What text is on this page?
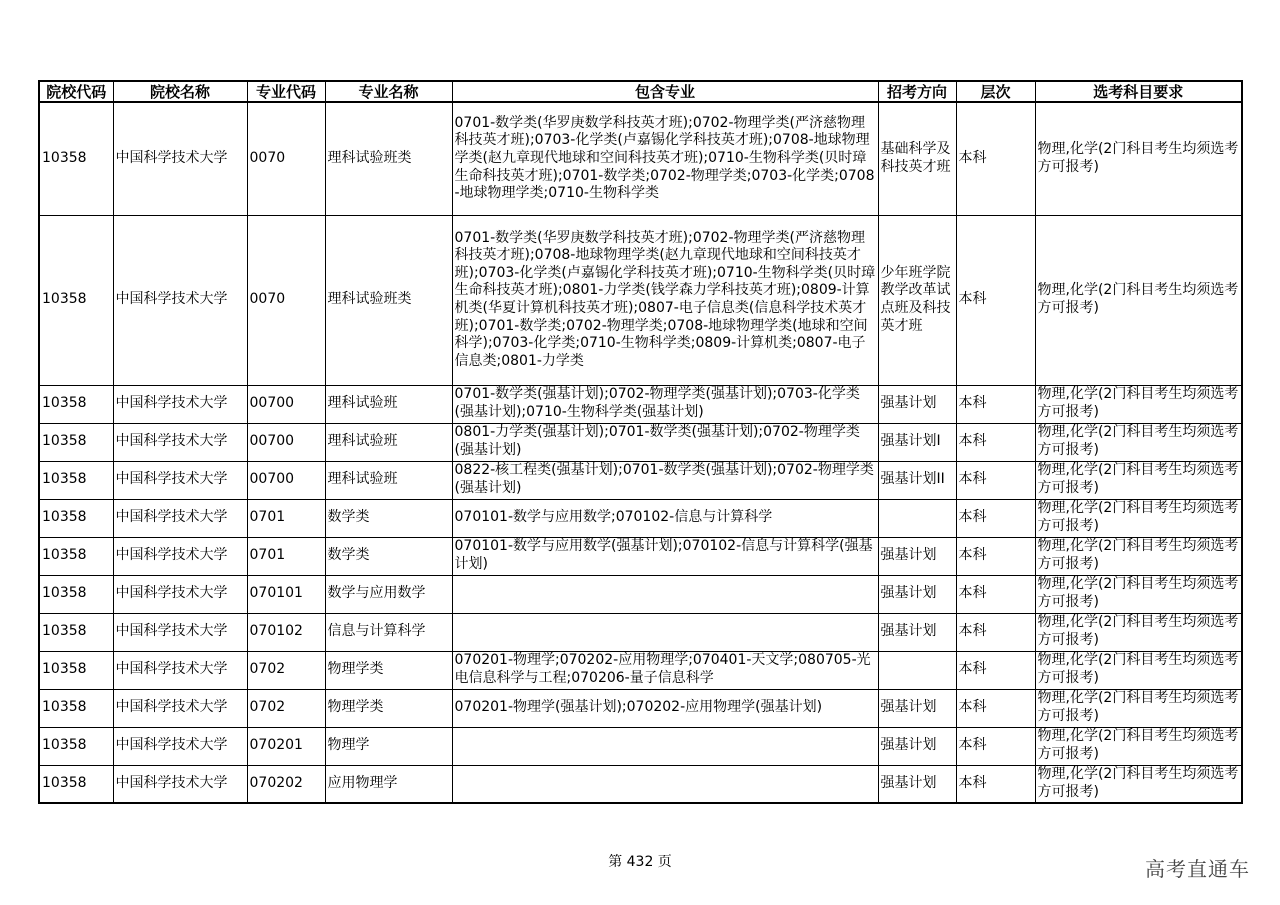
院校代码	院校名称	专业代码	专业名称	包含专业	招考方向	层次	选考科目要求
10358	中国科学技术大学	0070	理科试验班类	0701-数学类(华罗庚数学科技英才班);0702-物理学类(严济慈物理科技英才班);0703-化学类(卢嘉锡化学科技英才班);0708-地球物理学类(赵九章现代地球和空间科技英才班);0710-生物科学类(贝时璋生命科技英才班);0701-数学类;0702-物理学类;0703-化学类;0708-地球物理学类;0710-生物科学类	基础科学及科技英才班	本科	物理,化学(2门科目考生均须选考方可报考)
10358	中国科学技术大学	0070	理科试验班类	0701-数学类(华罗庚数学科技英才班);0702-物理学类(严济慈物理科技英才班);0708-地球物理学类(赵九章现代地球和空间科技英才班);0703-化学类(卢嘉锡化学科技英才班);0710-生物科学类(贝时璋生命科技英才班);0801-力学类(钱学森力学科技英才班);0809-计算机类(华夏计算机科技英才班);0807-电子信息类(信息科学技术英才班);0701-数学类;0702-物理学类;0708-地球物理学类(地球和空间科学);0703-化学类;0710-生物科学类;0809-计算机类;0807-电子信息类;0801-力学类	少年班学院教学改革试点班及科技英才班	本科	物理,化学(2门科目考生均须选考方可报考)
10358	中国科学技术大学	00700	理科试验班	0701-数学类(强基计划);0702-物理学类(强基计划);0703-化学类(强基计划);0710-生物科学类(强基计划)	强基计划	本科	物理,化学(2门科目考生均须选考方可报考)
10358	中国科学技术大学	00700	理科试验班	0801-力学类(强基计划);0701-数学类(强基计划);0702-物理学类(强基计划)	强基计划I	本科	物理,化学(2门科目考生均须选考方可报考)
10358	中国科学技术大学	00700	理科试验班	0822-核工程类(强基计划);0701-数学类(强基计划);0702-物理学类(强基计划)	强基计划II	本科	物理,化学(2门科目考生均须选考方可报考)
10358	中国科学技术大学	0701	数学类	070101-数学与应用数学;070102-信息与计算科学		本科	物理,化学(2门科目考生均须选考方可报考)
10358	中国科学技术大学	0701	数学类	070101-数学与应用数学(强基计划);070102-信息与计算科学(强基计划)	强基计划	本科	物理,化学(2门科目考生均须选考方可报考)
10358	中国科学技术大学	070101	数学与应用数学		强基计划	本科	物理,化学(2门科目考生均须选考方可报考)
10358	中国科学技术大学	070102	信息与计算科学		强基计划	本科	物理,化学(2门科目考生均须选考方可报考)
10358	中国科学技术大学	0702	物理学类	070201-物理学;070202-应用物理学;070401-天文学;080705-光电信息科学与工程;070206-量子信息科学		本科	物理,化学(2门科目考生均须选考方可报考)
10358	中国科学技术大学	0702	物理学类	070201-物理学(强基计划);070202-应用物理学(强基计划)	强基计划	本科	物理,化学(2门科目考生均须选考方可报考)
10358	中国科学技术大学	070201	物理学		强基计划	本科	物理,化学(2门科目考生均须选考方可报考)
10358	中国科学技术大学	070202	应用物理学		强基计划	本科	物理,化学(2门科目考生均须选考方可报考)
第 432 页	高考直通车
